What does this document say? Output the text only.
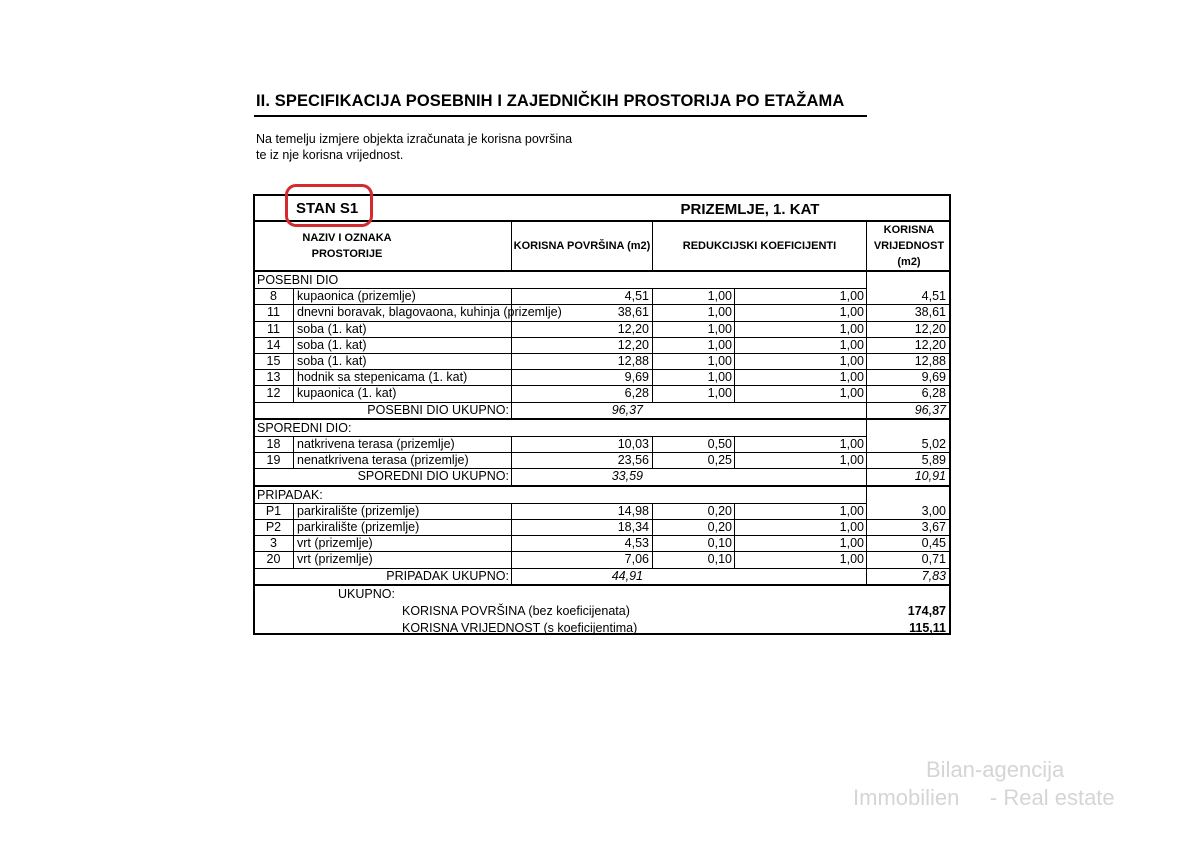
II. SPECIFIKACIJA POSEBNIH I ZAJEDNIČKIH PROSTORIJA PO ETAŽAMA
Na temelju izmjere objekta izračunata je korisna površina
te iz nje korisna vrijednost.
STAN S1	PRIZEMLJE, 1. KAT
NAZIV I OZNAKA
PROSTORIJE
KORISNA POVRŠINA (m2)	REDUKCIJSKI KOEFICIJENTI
KORISNA
VRIJEDNOST
(m2)
POSEBNI DIO
8	kupaonica (prizemlje)	4,51	1,00	1,00	4,51
11	dnevni boravak, blagovaona, kuhinja (prizemlje)	38,61	1,00	1,00	38,61
11	soba (1. kat)	12,20	1,00	1,00	12,20
14	soba (1. kat)	12,20	1,00	1,00	12,20
15	soba (1. kat)	12,88	1,00	1,00	12,88
13	hodnik sa stepenicama (1. kat)	9,69	1,00	1,00	9,69
12	kupaonica (1. kat)	6,28	1,00	1,00	6,28
POSEBNI DIO UKUPNO:	96,37	96,37
SPOREDNI DIO:
18	natkrivena terasa (prizemlje)	10,03	0,50	1,00	5,02
19	nenatkrivena terasa (prizemlje)	23,56	0,25	1,00	5,89
SPOREDNI DIO UKUPNO:	33,59	10,91
PRIPADAK:
P1	parkiralište (prizemlje)	14,98	0,20	1,00	3,00
P2	parkiralište (prizemlje)	18,34	0,20	1,00	3,67
3	vrt (prizemlje)	4,53	0,10	1,00	0,45
20	vrt (prizemlje)	7,06	0,10	1,00	0,71
PRIPADAK UKUPNO:	44,91	7,83
UKUPNO:
KORISNA POVRŠINA (bez koeficijenata)	174,87
KORISNA VRIJEDNOST (s koeficijentima)	115,11
Bilan-agencija
Immobilien     - Real estate
